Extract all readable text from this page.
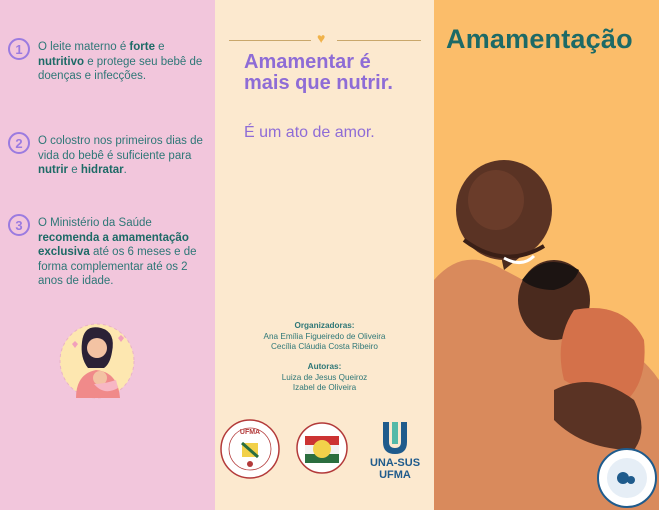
1	O leite materno é forte e nutritivo e protege seu bebê de doenças e infecções.
2	O colostro nos primeiros dias de vida do bebê é suficiente para nutrir e hidratar.
3	O Ministério da Saúde recomenda a amamentação exclusiva até os 6 meses e de forma complementar até os 2 anos de idade.
♥
Amamentar é mais que nutrir.
É um ato de amor.
Organizadoras:
Ana Emília Figueiredo de Oliveira
Cecília Cláudia Costa Ribeiro
Autoras:
Luiza de Jesus Queiroz
Izabel de Oliveira
UFMA
UNA-SUS
UFMA
Amamentação
